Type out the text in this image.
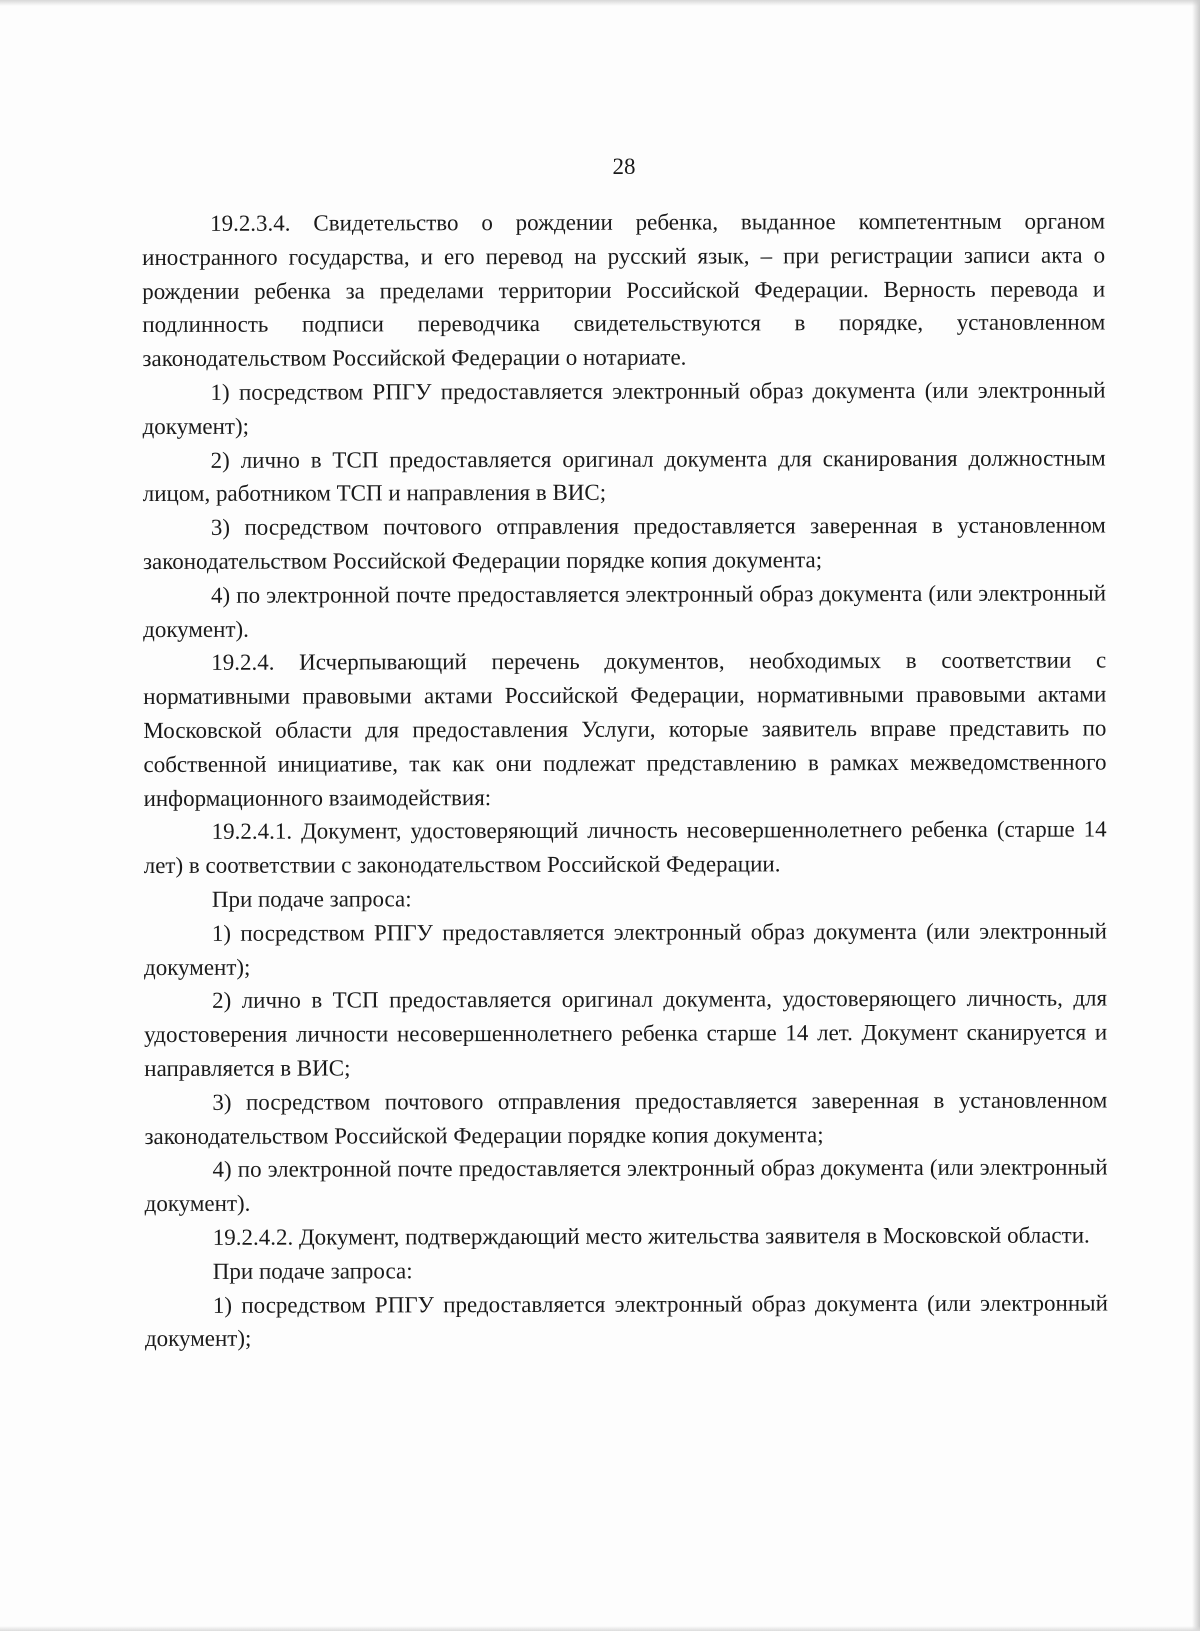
28

19.2.3.4. Свидетельство о рождении ребенка, выданное компетентным органом иностранного государства, и его перевод на русский язык, – при регистрации записи акта о рождении ребенка за пределами территории Российской Федерации. Верность перевода и подлинность подписи переводчика свидетельствуются в порядке, установленном законодательством Российской Федерации о нотариате.

1) посредством РПГУ предоставляется электронный образ документа (или электронный документ);

2) лично в ТСП предоставляется оригинал документа для сканирования должностным лицом, работником ТСП и направления в ВИС;

3) посредством почтового отправления предоставляется заверенная в установленном законодательством Российской Федерации порядке копия документа;

4) по электронной почте предоставляется электронный образ документа (или электронный документ).

19.2.4. Исчерпывающий перечень документов, необходимых в соответствии с нормативными правовыми актами Российской Федерации, нормативными правовыми актами Московской области для предоставления Услуги, которые заявитель вправе представить по собственной инициативе, так как они подлежат представлению в рамках межведомственного информационного взаимодействия:

19.2.4.1. Документ, удостоверяющий личность несовершеннолетнего ребенка (старше 14 лет) в соответствии с законодательством Российской Федерации.

При подаче запроса:

1) посредством РПГУ предоставляется электронный образ документа (или электронный документ);

2) лично в ТСП предоставляется оригинал документа, удостоверяющего личность, для удостоверения личности несовершеннолетнего ребенка старше 14 лет. Документ сканируется и направляется в ВИС;

3) посредством почтового отправления предоставляется заверенная в установленном законодательством Российской Федерации порядке копия документа;

4) по электронной почте предоставляется электронный образ документа (или электронный документ).

19.2.4.2. Документ, подтверждающий место жительства заявителя в Московской области.

При подаче запроса:

1) посредством РПГУ предоставляется электронный образ документа (или электронный документ);
